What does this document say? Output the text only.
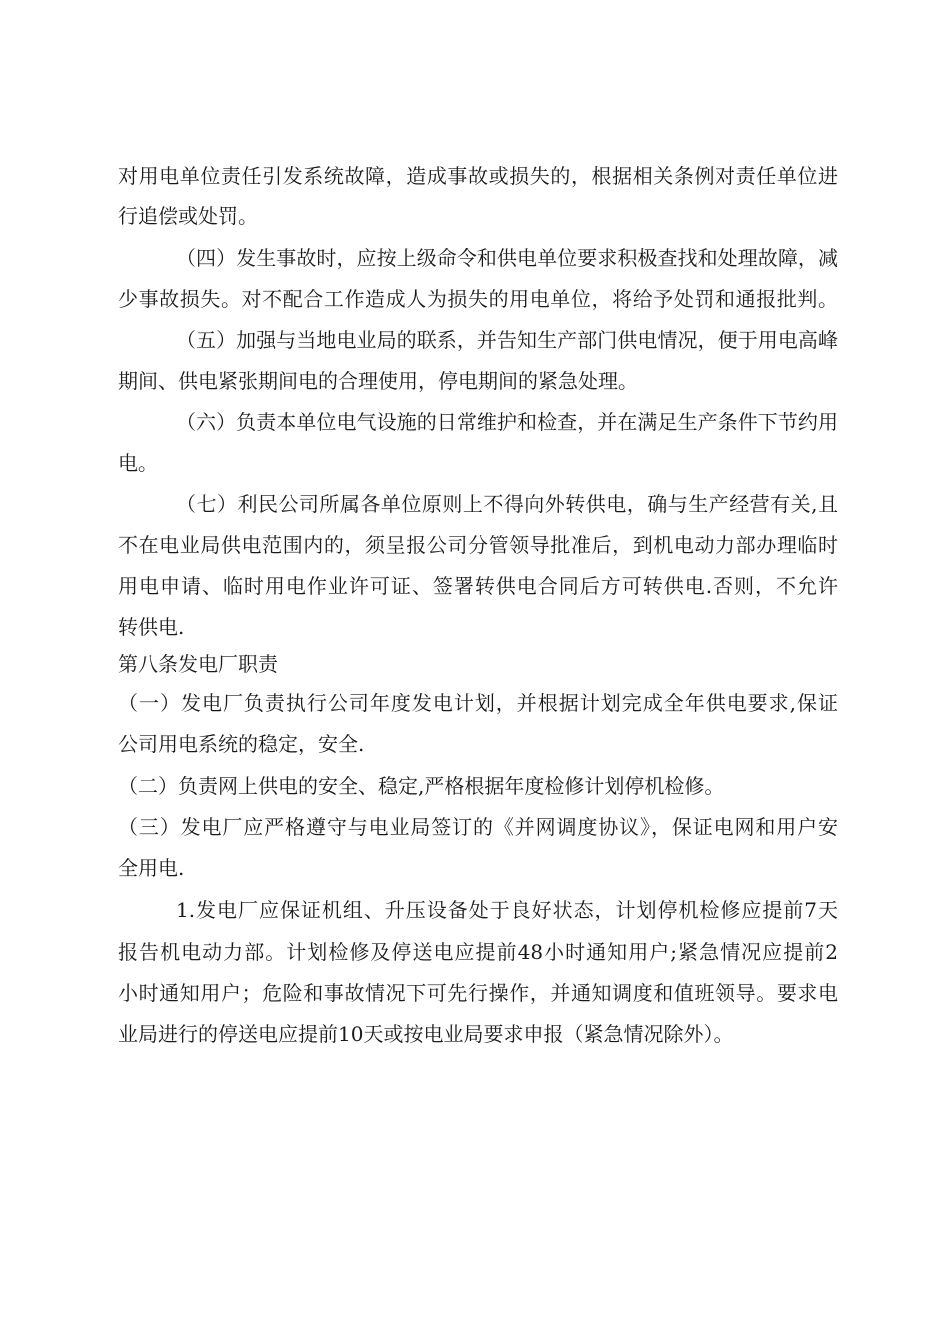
对用电单位责任引发系统故障，造成事故或损失的，根据相关条例对责任单位进
行追偿或处罚。
（四）发生事故时，应按上级命令和供电单位要求积极查找和处理故障，减
少事故损失。对不配合工作造成人为损失的用电单位，将给予处罚和通报批判。
（五）加强与当地电业局的联系，并告知生产部门供电情况，便于用电高峰
期间、供电紧张期间电的合理使用，停电期间的紧急处理。
（六）负责本单位电气设施的日常维护和检查，并在满足生产条件下节约用
电。
（七）利民公司所属各单位原则上不得向外转供电，确与生产经营有关,且
不在电业局供电范围内的，须呈报公司分管领导批准后，到机电动力部办理临时
用电申请、临时用电作业许可证、签署转供电合同后方可转供电.否则，不允许
转供电.
第八条发电厂职责
（一）发电厂负责执行公司年度发电计划，并根据计划完成全年供电要求,保证
公司用电系统的稳定，安全.
（二）负责网上供电的安全、稳定,严格根据年度检修计划停机检修。
（三）发电厂应严格遵守与电业局签订的《并网调度协议》，保证电网和用户安
全用电.
1.发电厂应保证机组、升压设备处于良好状态，计划停机检修应提前7天
报告机电动力部。计划检修及停送电应提前48小时通知用户;紧急情况应提前2
小时通知用户；危险和事故情况下可先行操作，并通知调度和值班领导。要求电
业局进行的停送电应提前10天或按电业局要求申报（紧急情况除外）。
